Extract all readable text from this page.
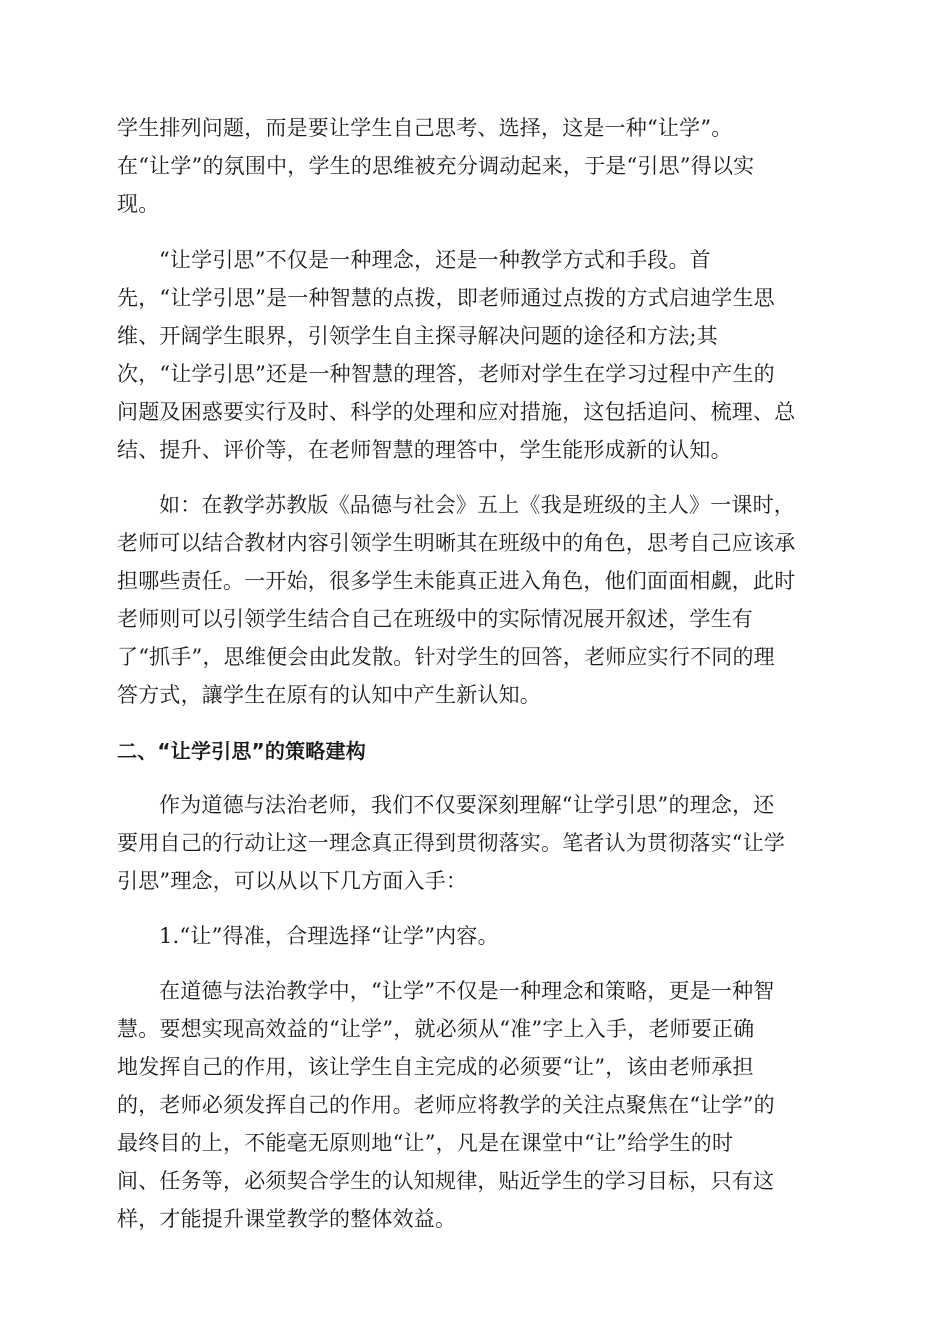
学生排列问题，而是要让学生自己思考、选择，这是一种“让学”。

在“让学”的氛围中，学生的思维被充分调动起来，于是“引思”得以实

现。

“让学引思”不仅是一种理念，还是一种教学方式和手段。首

先，“让学引思”是一种智慧的点拨，即老师通过点拨的方式启迪学生思

维、开阔学生眼界，引领学生自主探寻解决问题的途径和方法;其

次，“让学引思”还是一种智慧的理答，老师对学生在学习过程中产生的

问题及困惑要实行及时、科学的处理和应对措施，这包括追问、梳理、总

结、提升、评价等，在老师智慧的理答中，学生能形成新的认知。

如：在教学苏教版《品德与社会》五上《我是班级的主人》一课时，

老师可以结合教材内容引领学生明晰其在班级中的角色，思考自己应该承

担哪些责任。一开始，很多学生未能真正进入角色，他们面面相觑，此时

老师则可以引领学生结合自己在班级中的实际情况展开叙述，学生有

了“抓手”，思维便会由此发散。针对学生的回答，老师应实行不同的理

答方式，讓学生在原有的认知中产生新认知。

二、“让学引思”的策略建构

作为道德与法治老师，我们不仅要深刻理解“让学引思”的理念，还

要用自己的行动让这一理念真正得到贯彻落实。笔者认为贯彻落实“让学

引思”理念，可以从以下几方面入手：

1.“让”得准，合理选择“让学”内容。

在道德与法治教学中，“让学”不仅是一种理念和策略，更是一种智

慧。要想实现高效益的“让学”，就必须从“准”字上入手，老师要正确

地发挥自己的作用，该让学生自主完成的必须要“让”，该由老师承担

的，老师必须发挥自己的作用。老师应将教学的关注点聚焦在“让学”的

最终目的上，不能毫无原则地“让”，凡是在课堂中“让”给学生的时

间、任务等，必须契合学生的认知规律，贴近学生的学习目标，只有这

样，才能提升课堂教学的整体效益。
